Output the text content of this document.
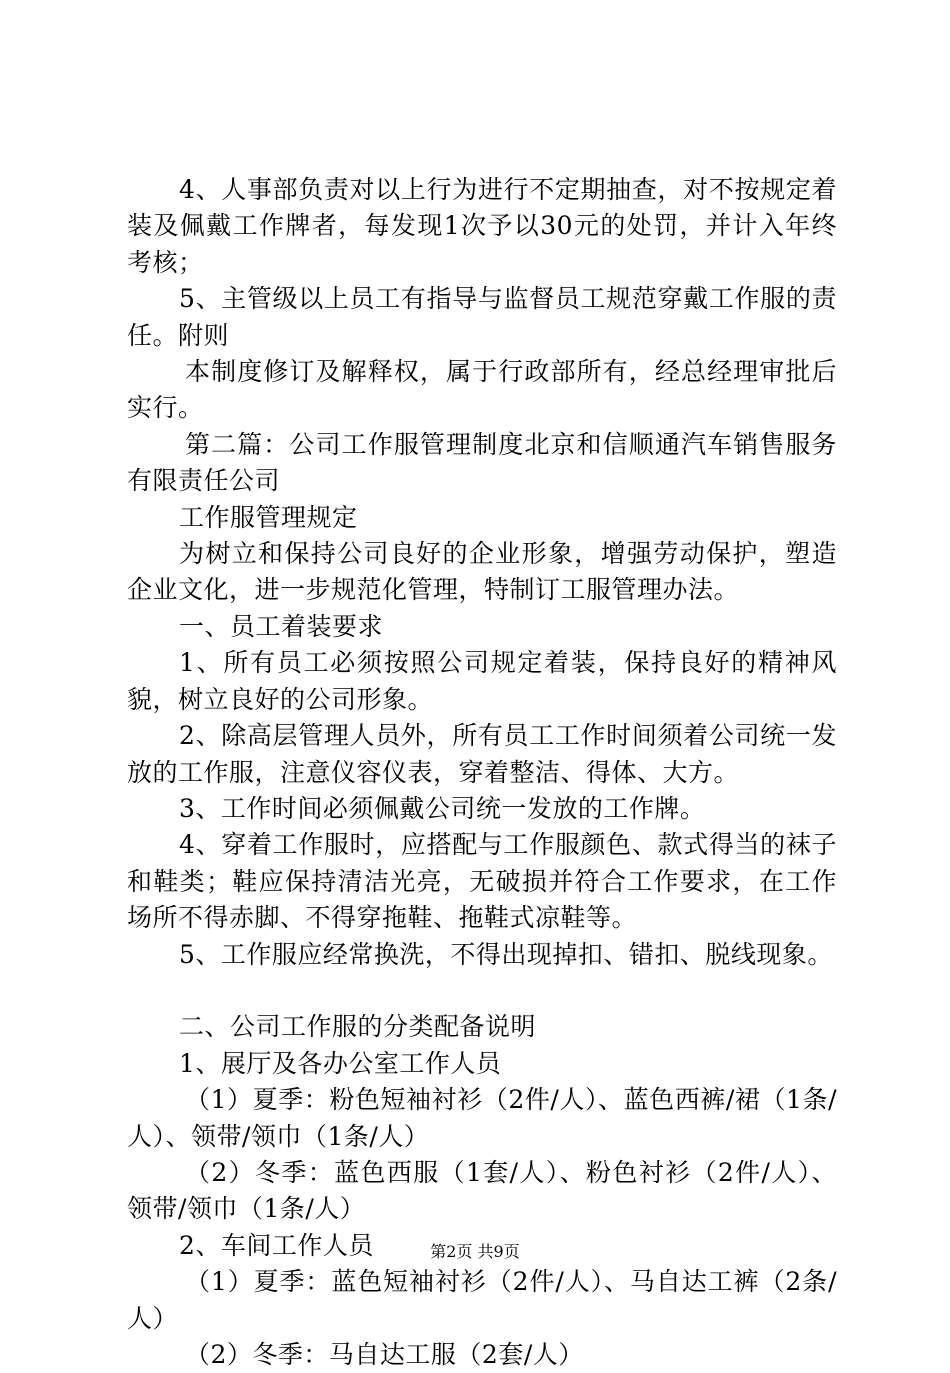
4、人事部负责对以上行为进行不定期抽查，对不按规定着装及佩戴工作牌者，每发现1次予以30元的处罚，并计入年终考核；

5、主管级以上员工有指导与监督员工规范穿戴工作服的责任。附则

本制度修订及解释权，属于行政部所有，经总经理审批后实行。

第二篇：公司工作服管理制度北京和信顺通汽车销售服务有限责任公司

工作服管理规定

为树立和保持公司良好的企业形象，增强劳动保护，塑造企业文化，进一步规范化管理，特制订工服管理办法。

一、员工着装要求

1、所有员工必须按照公司规定着装，保持良好的精神风貌，树立良好的公司形象。

2、除高层管理人员外，所有员工工作时间须着公司统一发放的工作服，注意仪容仪表，穿着整洁、得体、大方。

3、工作时间必须佩戴公司统一发放的工作牌。

4、穿着工作服时，应搭配与工作服颜色、款式得当的袜子和鞋类；鞋应保持清洁光亮，无破损并符合工作要求，在工作场所不得赤脚、不得穿拖鞋、拖鞋式凉鞋等。

5、工作服应经常换洗，不得出现掉扣、错扣、脱线现象。

二、公司工作服的分类配备说明

1、展厅及各办公室工作人员

（1）夏季：粉色短袖衬衫（2件/人）、蓝色西裤/裙（1条/人）、领带/领巾（1条/人）

（2）冬季：蓝色西服（1套/人）、粉色衬衫（2件/人）、领带/领巾（1条/人）

2、车间工作人员

（1）夏季：蓝色短袖衬衫（2件/人）、马自达工裤（2条/人）

（2）冬季：马自达工服（2套/人）

第2页 共9页
